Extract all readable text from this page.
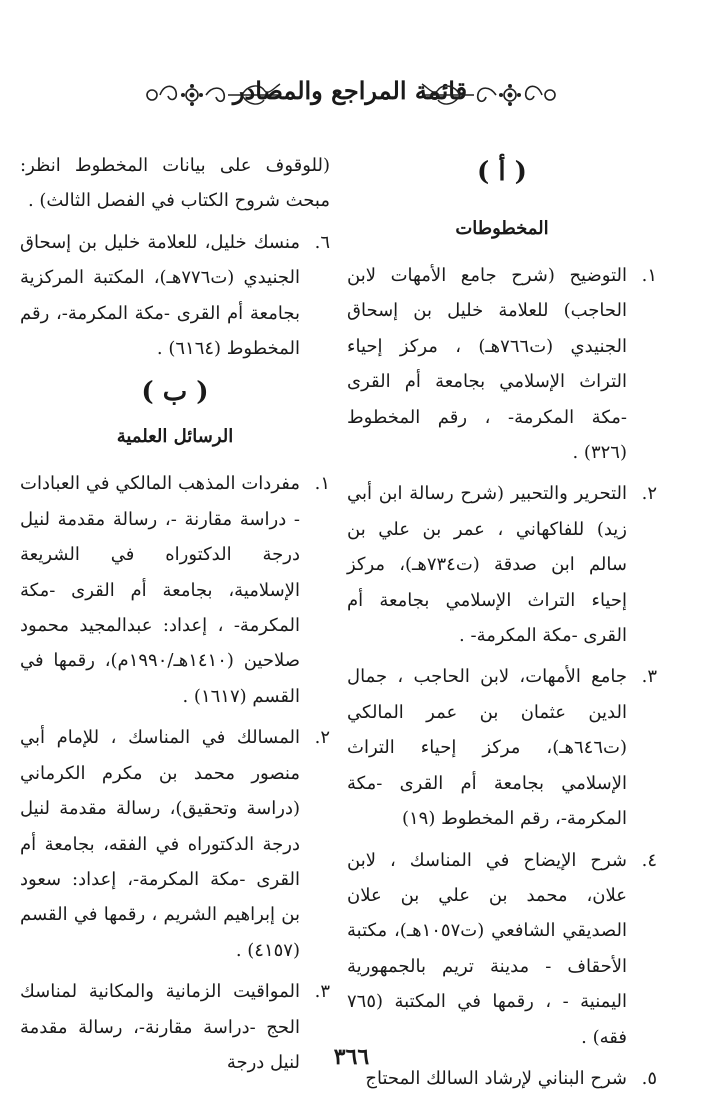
قائمة المراجع والمصادر
( أ )
المخطوطات
١.
التوضيح (شرح جامع الأمهات لابن الحاجب) للعلامة خليل بن إسحاق الجنيدي (ت٧٦٦هـ) ، مركز إحياء التراث الإسلامي بجامعة أم القرى -مكة المكرمة- ، رقم المخطوط (٣٢٦) .
٢.
التحرير والتحبير (شرح رسالة ابن أبي زيد) للفاكهاني ، عمر بن علي بن سالم ابن صدقة (ت٧٣٤هـ)، مركز إحياء التراث الإسلامي بجامعة أم القرى -مكة المكرمة- .
٣.
جامع الأمهات، لابن الحاجب ، جمال الدين عثمان بن عمر المالكي (ت٦٤٦هـ)، مركز إحياء التراث الإسلامي بجامعة أم القرى -مكة المكرمة-، رقم المخطوط (١٩)
٤.
شرح الإيضاح في المناسك ، لابن علان، محمد بن علي بن علان الصديقي الشافعي (ت١٠٥٧هـ)، مكتبة الأحقاف - مدينة تريم بالجمهورية اليمنية - ، رقمها في المكتبة (٧٦٥ فقه) .
٥.
شرح البناني لإرشاد السالك المحتاج
(للوقوف على بيانات المخطوط انظر: مبحث شروح الكتاب في الفصل الثالث) .
٦.
منسك خليل، للعلامة خليل بن إسحاق الجنيدي (ت٧٧٦هـ)، المكتبة المركزية بجامعة أم القرى -مكة المكرمة-، رقم المخطوط (٦١٦٤) .
( ب )
الرسائل العلمية
١.
مفردات المذهب المالكي في العبادات - دراسة مقارنة -، رسالة مقدمة لنيل درجة الدكتوراه في الشريعة الإسلامية، بجامعة أم القرى -مكة المكرمة- ، إعداد: عبدالمجيد محمود صلاحين (١٤١٠هـ/١٩٩٠م)، رقمها في القسم (١٦١٧) .
٢.
المسالك في المناسك ، للإمام أبي منصور محمد بن مكرم الكرماني (دراسة وتحقيق)، رسالة مقدمة لنيل درجة الدكتوراه في الفقه، بجامعة أم القرى -مكة المكرمة-، إعداد: سعود بن إبراهيم الشريم ، رقمها في القسم (٤١٥٧) .
٣.
المواقيت الزمانية والمكانية لمناسك الحج -دراسة مقارنة-، رسالة مقدمة لنيل درجة	٣٦٦
